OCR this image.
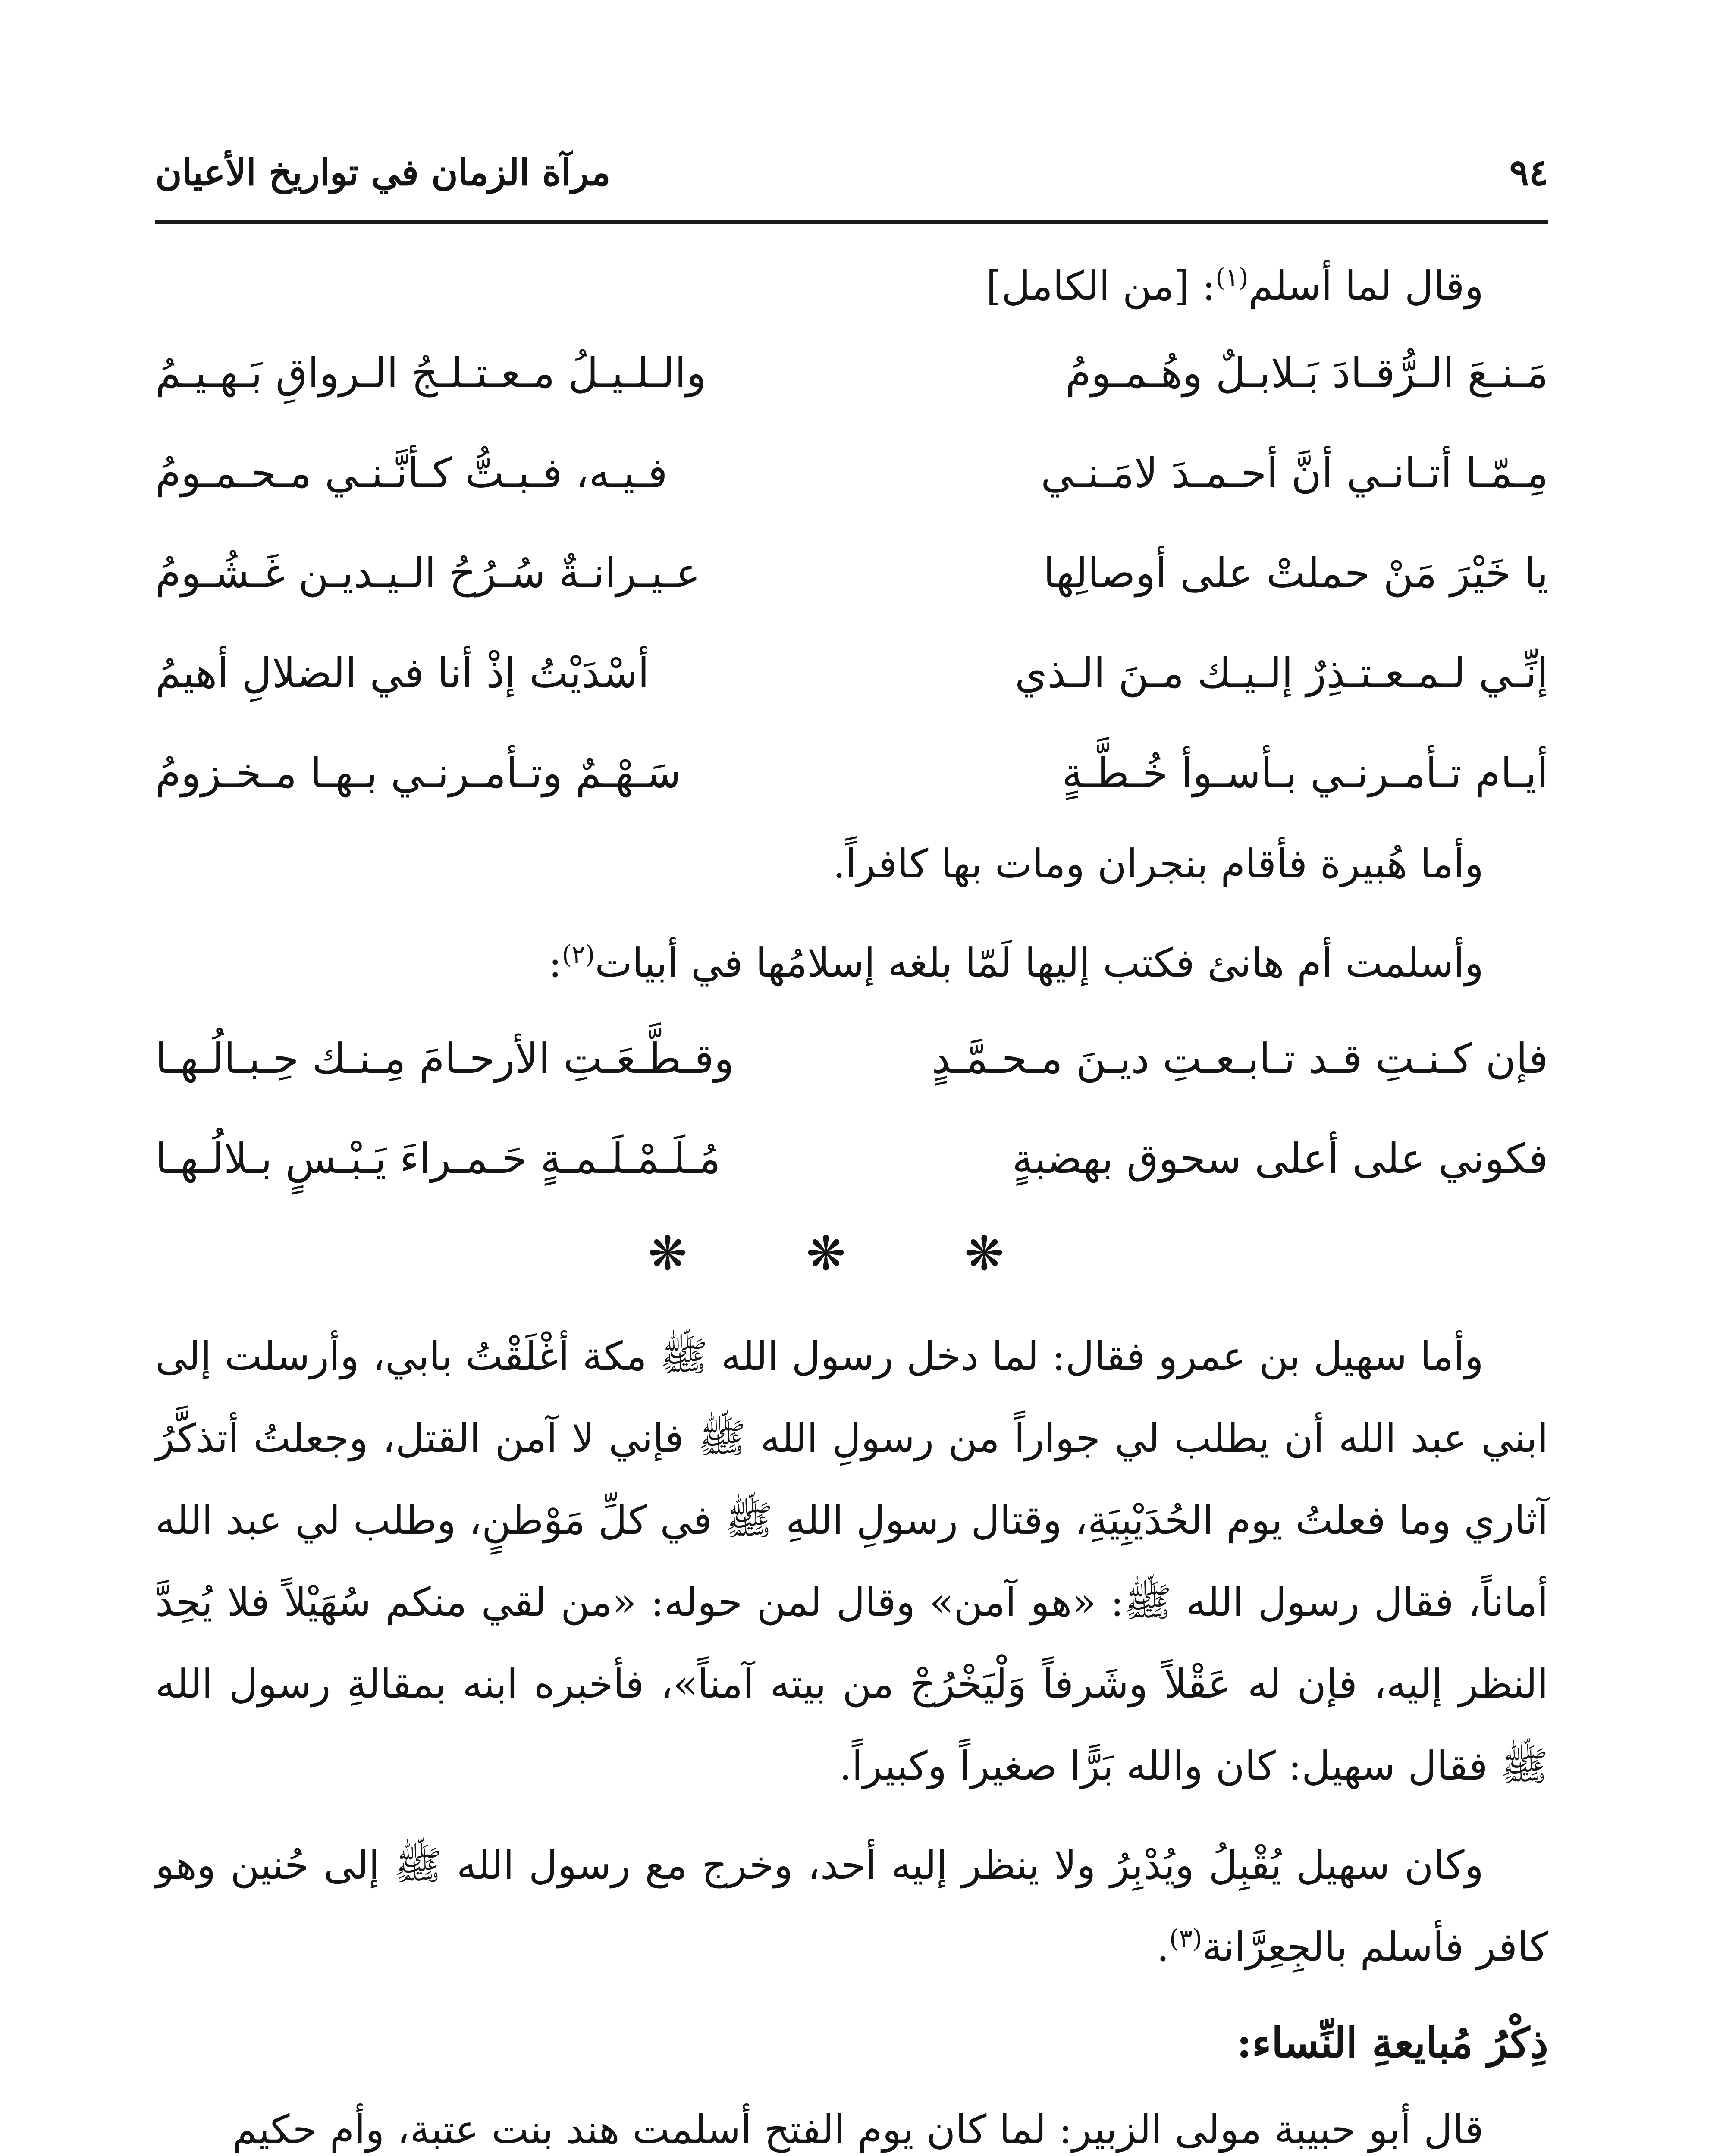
٩٤
مرآة الزمان في تواريخ الأعيان

وقال لما أسلم$^{(١)}$: [من الكامل]

مَـنـعَ الـرُّقـادَ بَـلابـلٌ وهُـمـومُ	والـلـيـلُ مـعـتـلـجُ الـرواقِ بَـهـيـمُ
مِـمّـا أتـانـي أنَّ أحـمـدَ لامَـنـي	فـيـه، فـبـتُّ كـأنَّـنـي مـحـمـومُ
يا خَيْرَ مَنْ حملتْ على أوصالِها	عـيـرانـةٌ سُـرُحُ الـيـديـن غَـشُـومُ
إنِّـي لـمـعـتـذِرٌ إلـيـك مـنَ الـذي	أسْدَيْتُ إذْ أنا في الضلالِ أهيمُ
أيـام تـأمـرنـي بـأسـوأ خُـطَّـةٍ	سَـهْـمٌ وتـأمـرنـي بـهـا مـخـزومُ

وأما هُبيرة فأقام بنجران ومات بها كافراً.

وأسلمت أم هانئ فكتب إليها لَمّا بلغه إسلامُها في أبيات$^{(٢)}$:

فإن كـنـتِ قـد تـابـعـتِ ديـنَ مـحـمَّـدٍ	وقـطَّـعَـتِ الأرحـامَ مِـنـك حِـبـالُـهـا
فكوني على أعلى سحوق بهضبةٍ	مُـلَـمْـلَـمـةٍ حَـمـراءَ يَـبْـسٍ بـلالُـهـا
❋ ❋ ❋

وأما سهيل بن عمرو فقال: لما دخل رسول الله ﷺ مكة أغْلَقْتُ بابي، وأرسلت إلى ابني عبد الله أن يطلب لي جواراً من رسولِ الله ﷺ فإني لا آمن القتل، وجعلتُ أتذكَّرُ آثاري وما فعلتُ يوم الحُدَيْبِيَةِ، وقتال رسولِ اللهِ ﷺ في كلِّ مَوْطنٍ، وطلب لي عبد الله أماناً، فقال رسول الله ﷺ: «هو آمن» وقال لمن حوله: «من لقي منكم سُهَيْلاً فلا يُحِدَّ النظر إليه، فإن له عَقْلاً وشَرفاً وَلْيَخْرُجْ من بيته آمناً»، فأخبره ابنه بمقالةِ رسول الله ﷺ فقال سهيل: كان والله بَرًّا صغيراً وكبيراً.

وكان سهيل يُقْبِلُ ويُدْبِرُ ولا ينظر إليه أحد، وخرج مع رسول الله ﷺ إلى حُنين وهو كافر فأسلم بالجِعِرَّانة$^{(٣)}$.

ذِكْرُ مُبايعةِ النِّساء:

قال أبو حبيبة مولى الزبير: لما كان يوم الفتح أسلمت هند بنت عتبة، وأم حكيم
